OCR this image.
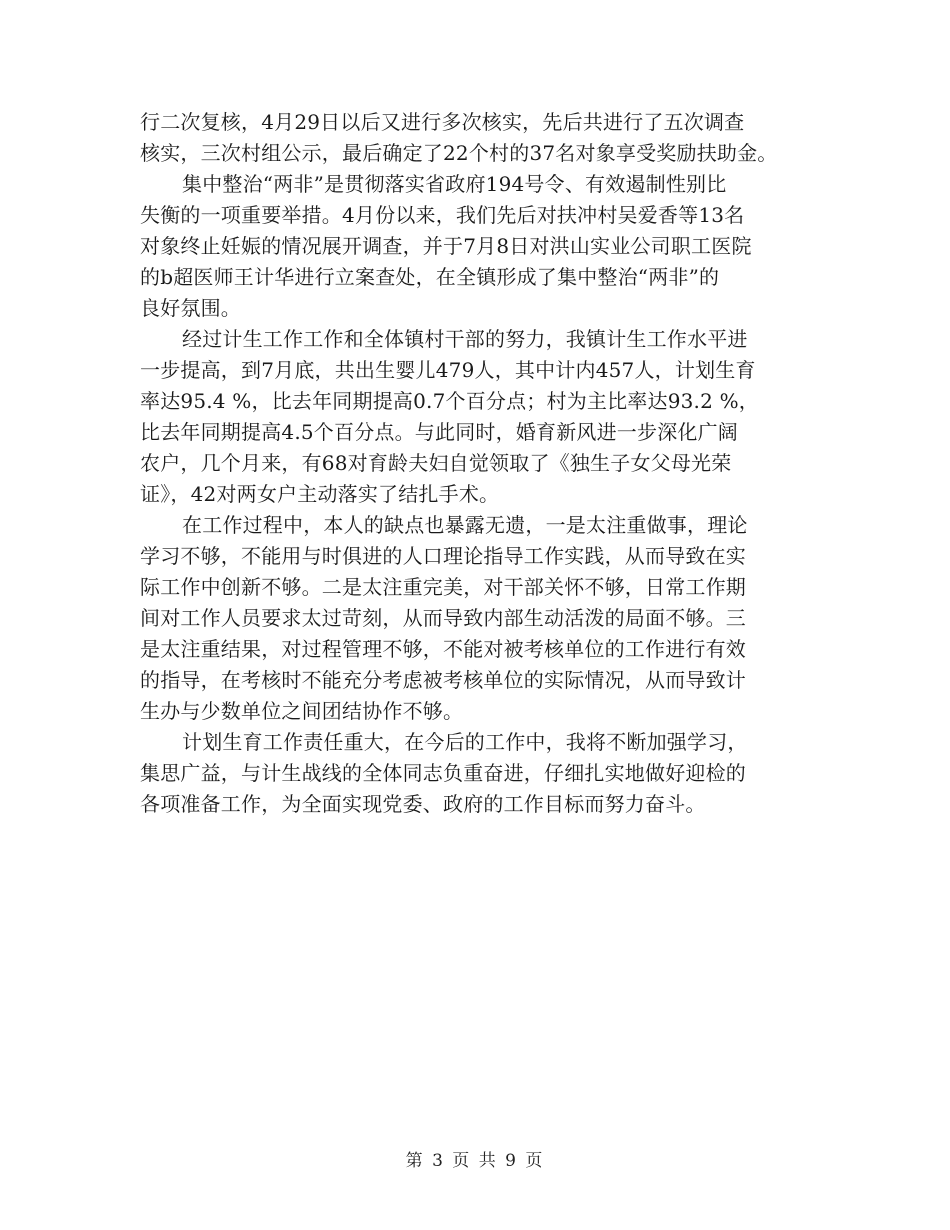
行二次复核，4月29日以后又进行多次核实，先后共进行了五次调查

核实，三次村组公示，最后确定了22个村的37名对象享受奖励扶助金。

集中整治“两非”是贯彻落实省政府194号令、有效遏制性别比

失衡的一项重要举措。4月份以来，我们先后对扶冲村吴爱香等13名

对象终止妊娠的情况展开调查，并于7月8日对洪山实业公司职工医院

的b超医师王计华进行立案查处，在全镇形成了集中整治“两非”的

良好氛围。

经过计生工作工作和全体镇村干部的努力，我镇计生工作水平进

一步提高，到7月底，共出生婴儿479人，其中计内457人，计划生育

率达95.4 %，比去年同期提高0.7个百分点；村为主比率达93.2 %，

比去年同期提高4.5个百分点。与此同时，婚育新风进一步深化广阔

农户，几个月来，有68对育龄夫妇自觉领取了《独生子女父母光荣

证》，42对两女户主动落实了结扎手术。

在工作过程中，本人的缺点也暴露无遗，一是太注重做事，理论

学习不够，不能用与时俱进的人口理论指导工作实践，从而导致在实

际工作中创新不够。二是太注重完美，对干部关怀不够，日常工作期

间对工作人员要求太过苛刻，从而导致内部生动活泼的局面不够。三

是太注重结果，对过程管理不够，不能对被考核单位的工作进行有效

的指导，在考核时不能充分考虑被考核单位的实际情况，从而导致计

生办与少数单位之间团结协作不够。

计划生育工作责任重大，在今后的工作中，我将不断加强学习，

集思广益，与计生战线的全体同志负重奋进，仔细扎实地做好迎检的

各项准备工作，为全面实现党委、政府的工作目标而努力奋斗。

第 3 页 共 9 页
